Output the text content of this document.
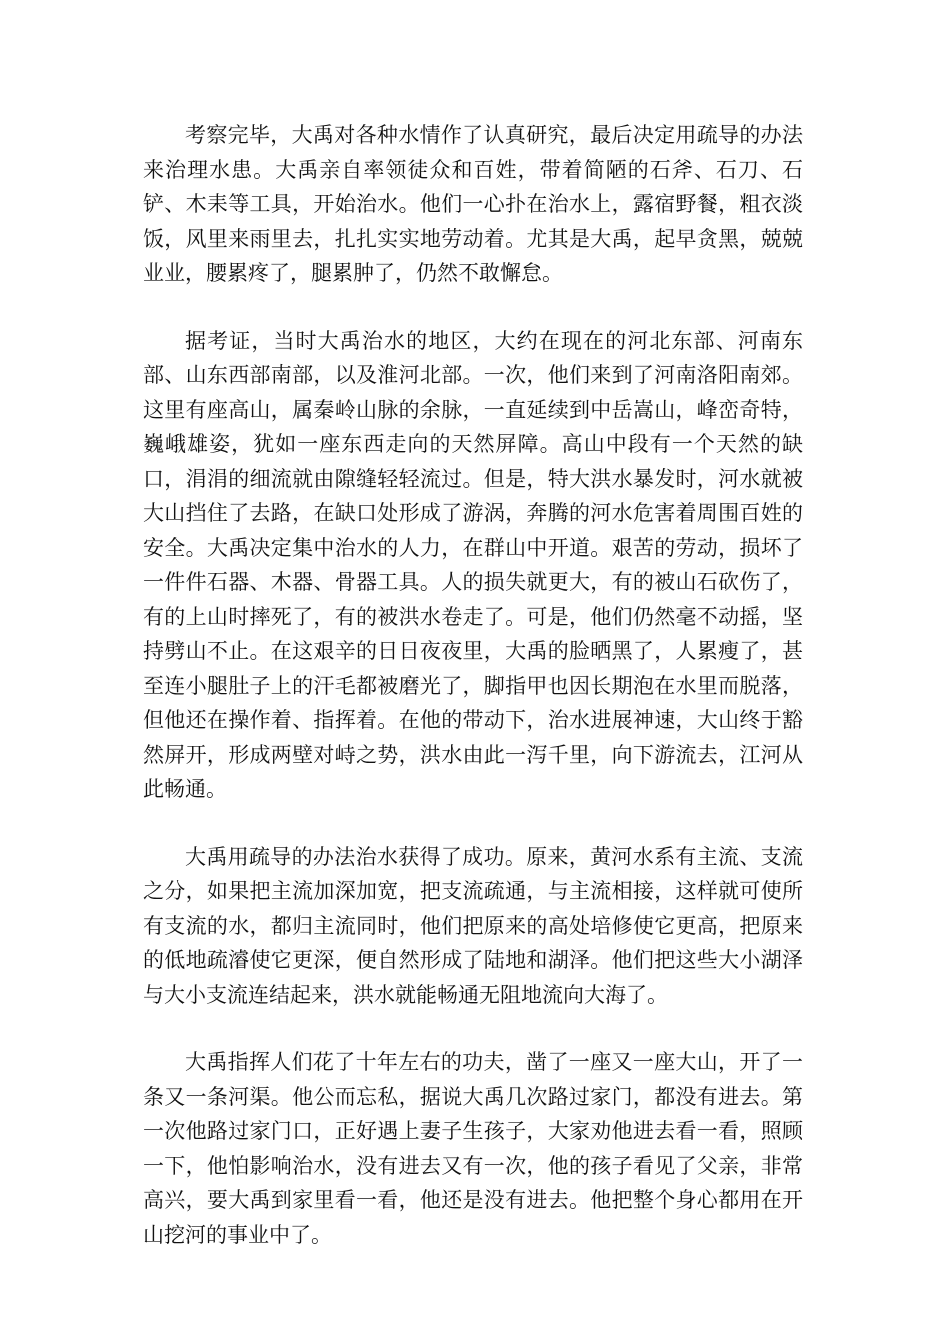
考察完毕，大禹对各种水情作了认真研究，最后决定用疏导的办法来治理水患。大禹亲自率领徒众和百姓，带着简陋的石斧、石刀、石铲、木耒等工具，开始治水。他们一心扑在治水上，露宿野餐，粗衣淡饭，风里来雨里去，扎扎实实地劳动着。尤其是大禹，起早贪黑，兢兢业业，腰累疼了，腿累肿了，仍然不敢懈怠。

据考证，当时大禹治水的地区，大约在现在的河北东部、河南东部、山东西部南部，以及淮河北部。一次，他们来到了河南洛阳南郊。这里有座高山，属秦岭山脉的余脉，一直延续到中岳嵩山，峰峦奇特，巍峨雄姿，犹如一座东西走向的天然屏障。高山中段有一个天然的缺口，涓涓的细流就由隙缝轻轻流过。但是，特大洪水暴发时，河水就被大山挡住了去路，在缺口处形成了游涡，奔腾的河水危害着周围百姓的安全。大禹决定集中治水的人力，在群山中开道。艰苦的劳动，损坏了一件件石器、木器、骨器工具。人的损失就更大，有的被山石砍伤了，有的上山时摔死了，有的被洪水卷走了。可是，他们仍然毫不动摇，坚持劈山不止。在这艰辛的日日夜夜里，大禹的脸晒黑了，人累瘦了，甚至连小腿肚子上的汗毛都被磨光了，脚指甲也因长期泡在水里而脱落，但他还在操作着、指挥着。在他的带动下，治水进展神速，大山终于豁然屏开，形成两壁对峙之势，洪水由此一泻千里，向下游流去，江河从此畅通。

大禹用疏导的办法治水获得了成功。原来，黄河水系有主流、支流之分，如果把主流加深加宽，把支流疏通，与主流相接，这样就可使所有支流的水，都归主流同时，他们把原来的高处培修使它更高，把原来的低地疏濬使它更深，便自然形成了陆地和湖泽。他们把这些大小湖泽与大小支流连结起来，洪水就能畅通无阻地流向大海了。

大禹指挥人们花了十年左右的功夫，凿了一座又一座大山，开了一条又一条河渠。他公而忘私，据说大禹几次路过家门，都没有进去。第一次他路过家门口，正好遇上妻子生孩子，大家劝他进去看一看，照顾一下，他怕影响治水，没有进去又有一次，他的孩子看见了父亲，非常高兴，要大禹到家里看一看，他还是没有进去。他把整个身心都用在开山挖河的事业中了。
